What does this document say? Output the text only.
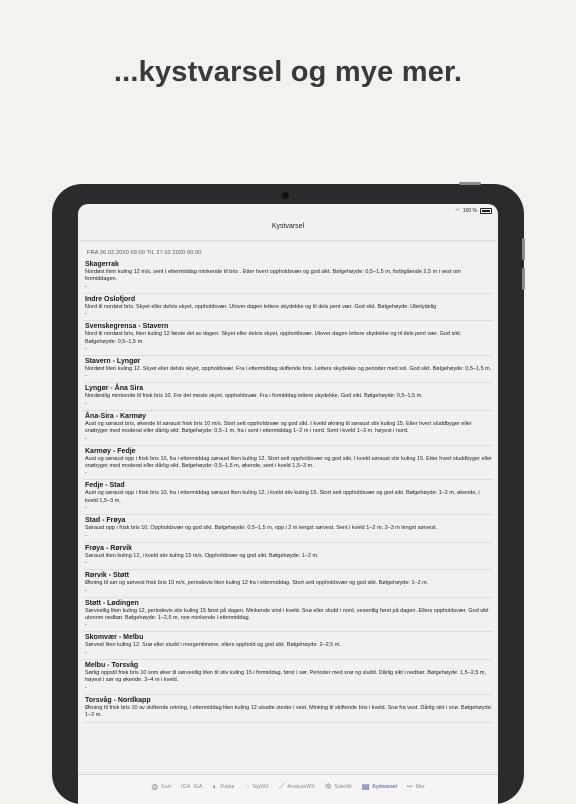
...kystvarsel og mye mer.
◠ 100 %
Kystvarsel
FRA 26.02.2020 09.00 TIL 27.02.2020 00.00
Skagerrak
Nordøst liten kuling 12 m/s, sent i ettermiddag minkende til bris . Etter hvert oppholdsvær og god sikt. Bølgehøyde: 0,5–1,5 m, forbigående 2,5 m i vest om formiddagen.
-
Indre Oslofjord
Nord til nordøst bris. Skyet eller delvis skyet, oppholdsvær. Utover dagen lettere skydekke og til dels pent vær. God sikt. Bølgehøyde: Ubetydelig
-
Svenskegrensa - Stavern
Nord til nordøst bris, liten kuling 12 første del av dagen. Skyet eller delvis skyet, oppholdsvær. Utover dagen lettere skydekke og til dels pent vær. God sikt. Bølgehøyde: 0,5–1,5 m.
-
Stavern - Lyngør
Nordøst liten kuling 12. Skyet eller delvis skyet, oppholdsvær. Fra i ettermiddag skiftende bris. Lettere skydekke og perioder med sol. God sikt. Bølgehøyde: 0,5–1,5 m.
-
Lyngør - Åna Sira
Nordøstlig minkende til frisk bris 10. For det meste skyet, oppholdsvær. Fra i formiddag lettere skydekke. God sikt. Bølgehøyde: 0,5–1,5 m.
-
Åna-Sira - Karmøy
Aust og søraust bris, økende til søraust frisk bris 10 m/s. Stort sett oppholdsvær og god sikt. I kveld økning til søraust stiv kuling 15. Etter hvert sluddbyger eller snøbyger med moderat eller dårlig sikt. Bølgehøyde: 0,5–1 m, fra i sent i ettermiddag 1–2 m i nord. Sent i kveld 1–3 m, høyest i nord.
-
Karmøy - Fedje
Aust og søraust opp i frisk bris 10, fra i ettermiddag søraust liten kuling 12. Stort sett oppholdsvær og god sikt. I kveld søraust stiv kuling 15. Etter hvert sluddbyger eller snøbyger med moderat eller dårlig sikt. Bølgehøyde: 0,5–1,5 m, økende, sent i kveld 1,5–3 m.
-
Fedje - Stad
Aust og søraust opp i frisk bris 10, fra i ettermiddag søraust liten kuling 12, i kveld stiv kuling 15. Stort sett oppholdsvær og god sikt. Bølgehøyde: 1–2 m, økende, i kveld 1,5–3 m.
-
Stad - Frøya
Søraust opp i frisk bris 10. Oppholdsvær og god sikt. Bølgehøyde: 0,5–1,5 m, opp i 2 m lengst sørvest. Sent i kveld 1–2 m, 2–3 m lengst sørvest.
-
Frøya - Rørvik
Søraust liten kuling 12, i kveld stiv kuling 15 m/s. Oppholdsvær og god sikt. Bølgehøyde: 1–2 m.
-
Rørvik - Støtt
Økning til sør og sørvest frisk bris 10 m/s, periodevis liten kuling 12 fra i ettermiddag. Stort sett oppholdsvær og god sikt. Bølgehøyde: 1–2 m.
-
Støtt - Lødingen
Sørvestlig liten kuling 12, periodevis stiv kuling 15 først på dagen. Minkende vind i kveld. Snø eller sludd i nord, vesentlig først på dagen. Ellers oppholdsvær. God sikt utenom nedbør. Bølgehøyde: 1–2,5 m, noe minkende i ettermiddag.
-
Skomvær - Melbu
Sørvest liten kuling 12. Snø eller sludd i morgentimene, ellers opphold og god sikt. Bølgehøyde: 2–2,5 m.
-
Melbu - Torsvåg
Sørlig oppstil frisk bris 10 som øker til sørvestlig liten til stiv kuling 15 i formiddag, først i sør. Perioder med snø og sludd. Dårlig sikt i nedbør. Bølgehøyde: 1,5–2,5 m, høyest i sør og økende. 3–4 m i kveld.
-
Torsvåg - Nordkapp
Økning til frisk bris 10 av skiftende retning, i ettermiddag liten kuling 12 utsatte steder i vest. Minking til skiftende bris i kveld. Snø fra vest. Dårlig sikt i snø. Bølgehøyde: 1–2 m.
◍ Kart IGA IGA ◐ Radar ◌ SigWX ⟋ AnalyseWX ✲ Satellitt ▤ Kystvarsel ••• Mer
